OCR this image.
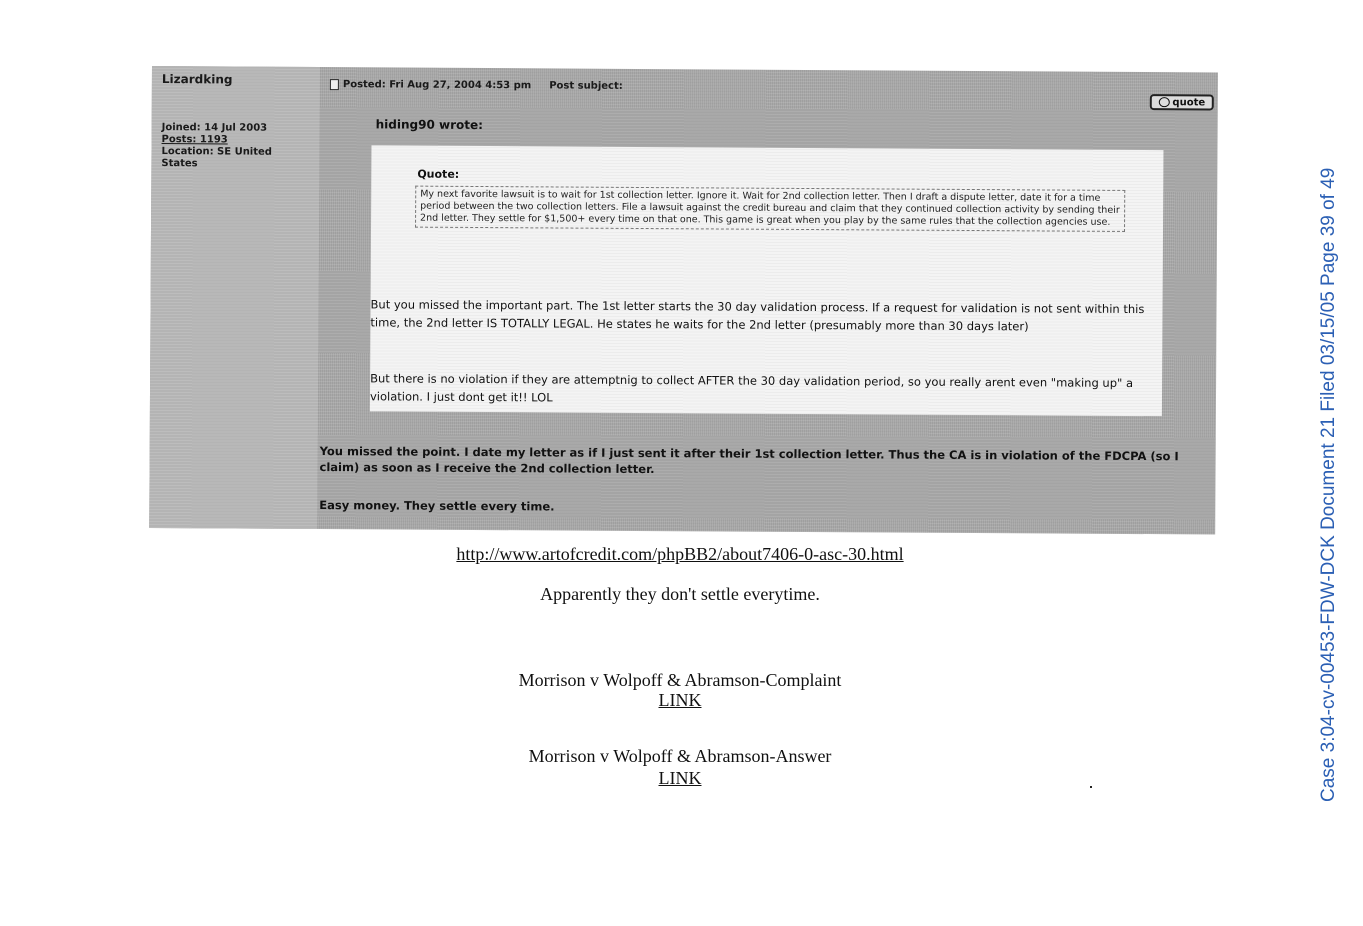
Lizardking
Joined: 14 Jul 2003
Posts: 1193
Location: SE United
States
Posted: Fri Aug 27, 2004 4:53 pm Post subject:
quote
hiding90 wrote:
Quote:
My next favorite lawsuit is to wait for 1st collection letter. Ignore it. Wait for 2nd collection letter. Then I draft a dispute letter, date it for a time period between the two collection letters. File a lawsuit against the credit bureau and claim that they continued collection activity by sending their 2nd letter. They settle for $1,500+ every time on that one. This game is great when you play by the same rules that the collection agencies use.
But you missed the important part. The 1st letter starts the 30 day validation process. If a request for validation is not sent within this time, the 2nd letter IS TOTALLY LEGAL. He states he waits for the 2nd letter (presumably more than 30 days later)
But there is no violation if they are attemptnig to collect AFTER the 30 day validation period, so you really arent even "making up" a violation. I just dont get it!! LOL
You missed the point. I date my letter as if I just sent it after their 1st collection letter. Thus the CA is in violation of the FDCPA (so I claim) as soon as I receive the 2nd collection letter.
Easy money. They settle every time.
http://www.artofcredit.com/phpBB2/about7406-0-asc-30.html
Apparently they don't settle everytime.
Morrison v Wolpoff & Abramson-Complaint
LINK
Morrison v Wolpoff & Abramson-Answer
LINK	Case 3:04-cv-00453-FDW-DCK Document 21 Filed 03/15/05 Page 39 of 49
